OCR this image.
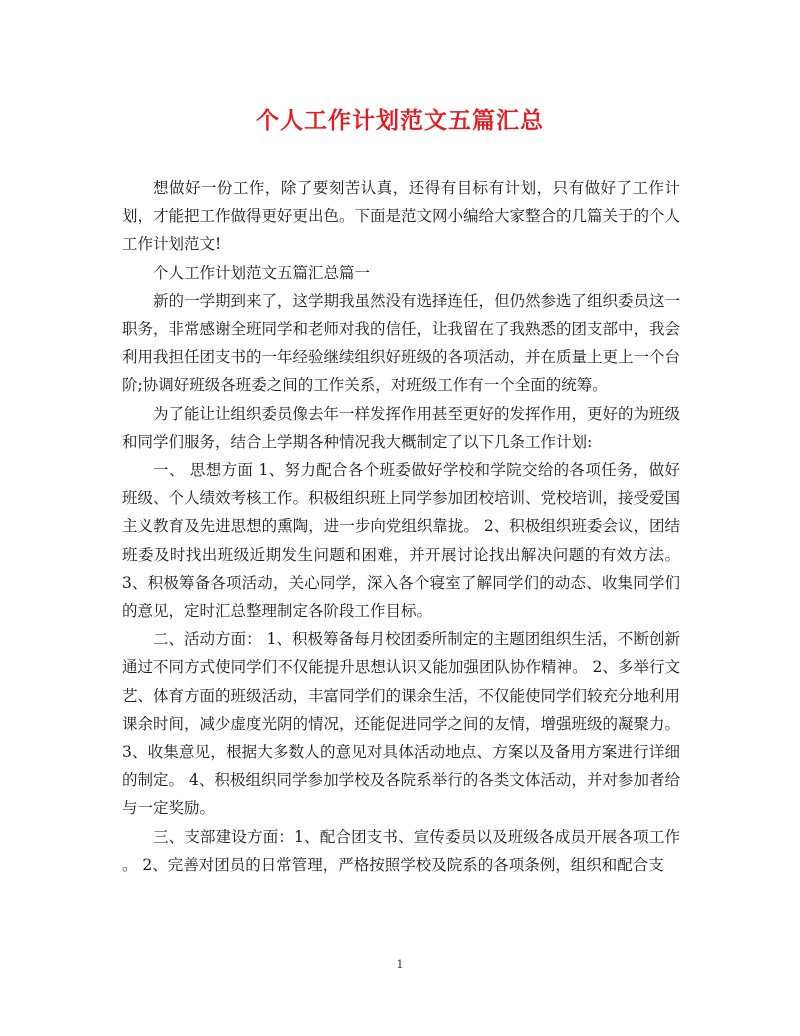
个人工作计划范文五篇汇总

想做好一份工作，除了要刻苦认真，还得有目标有计划，只有做好了工作计划，才能把工作做得更好更出色。下面是范文网小编给大家整合的几篇关于的个人工作计划范文!

个人工作计划范文五篇汇总篇一

新的一学期到来了，这学期我虽然没有选择连任，但仍然参选了组织委员这一职务，非常感谢全班同学和老师对我的信任，让我留在了我熟悉的团支部中，我会利用我担任团支书的一年经验继续组织好班级的各项活动，并在质量上更上一个台阶;协调好班级各班委之间的工作关系，对班级工作有一个全面的统筹。

为了能让让组织委员像去年一样发挥作用甚至更好的发挥作用，更好的为班级和同学们服务，结合上学期各种情况我大概制定了以下几条工作计划:

一、 思想方面 1、努力配合各个班委做好学校和学院交给的各项任务，做好班级、个人绩效考核工作。积极组织班上同学参加团校培训、党校培训，接受爱国主义教育及先进思想的熏陶，进一步向党组织靠拢。 2、积极组织班委会议，团结班委及时找出班级近期发生问题和困难，并开展讨论找出解决问题的有效方法。 3、积极筹备各项活动，关心同学，深入各个寝室了解同学们的动态、收集同学们的意见，定时汇总整理制定各阶段工作目标。

二、活动方面： 1、积极筹备每月校团委所制定的主题团组织生活，不断创新通过不同方式使同学们不仅能提升思想认识又能加强团队协作精神。 2、多举行文艺、体育方面的班级活动，丰富同学们的课余生活，不仅能使同学们较充分地利用课余时间，减少虚度光阴的情况，还能促进同学之间的友情，增强班级的凝聚力。 3、收集意见，根据大多数人的意见对具体活动地点、方案以及备用方案进行详细的制定。 4、积极组织同学参加学校及各院系举行的各类文体活动，并对参加者给与一定奖励。

三、支部建设方面：1、配合团支书、宣传委员以及班级各成员开展各项工作 。 2、完善对团员的日常管理，严格按照学校及院系的各项条例，组织和配合支

1
